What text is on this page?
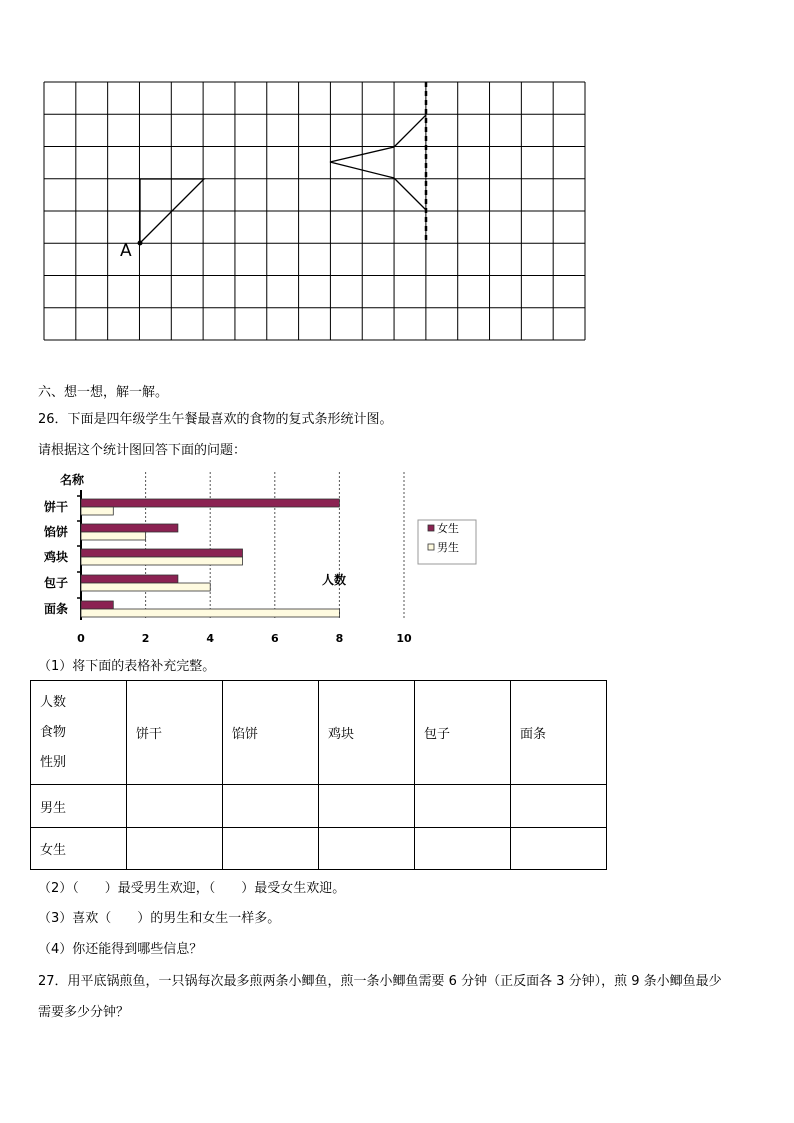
A
六、想一想，解一解。
26．下面是四年级学生午餐最喜欢的食物的复式条形统计图。
请根据这个统计图回答下面的问题：
名称
饼干
馅饼
鸡块
包子
面条
0	2	4	6	8	10
人数
女生
男生
（1）将下面的表格补充完整。
人数
食物
性别	饼干	馅饼	鸡块	包子	面条
男生					
女生					
（2）（　　）最受男生欢迎，（　　）最受女生欢迎。
（3）喜欢（　　）的男生和女生一样多。
（4）你还能得到哪些信息？
27．用平底锅煎鱼，一只锅每次最多煎两条小鲫鱼，煎一条小鲫鱼需要 6 分钟（正反面各 3 分钟），煎 9 条小鲫鱼最少
需要多少分钟？
